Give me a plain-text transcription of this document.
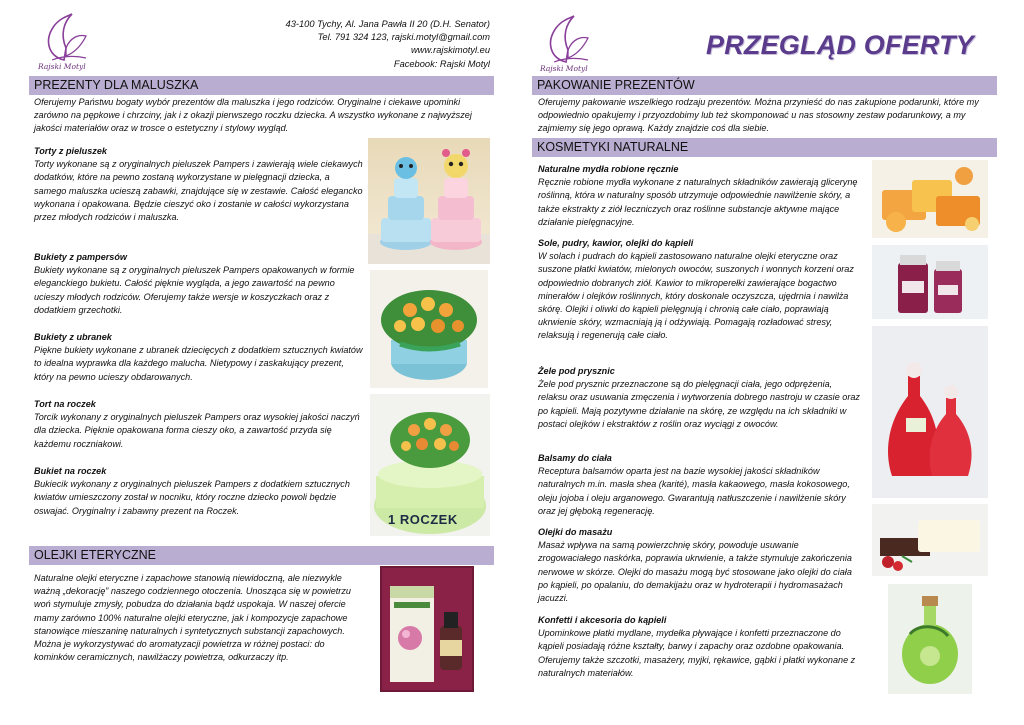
Rajski Motyl
43-100 Tychy, Al. Jana Pawła II 20 (D.H. Senator)
Tel. 791 324 123, rajski.motyl@gmail.com
www.rajskimotyl.eu
Facebook: Rajski Motyl
PREZENTY DLA MALUSZKA
Oferujemy Państwu bogaty wybór prezentów dla maluszka i jego rodziców. Oryginalne i ciekawe upominki zarówno na pępkowe i chrzciny, jak i z okazji pierwszego roczku dziecka. A wszystko wykonane z najwyższej jakości materiałów oraz w trosce o estetyczny i stylowy wygląd.
Torty z pieluszek
Torty wykonane są z oryginalnych pieluszek Pampers i zawierają wiele ciekawych dodatków, które na pewno zostaną wykorzystane w pielęgnacji dziecka, a samego maluszka ucieszą zabawki, znajdujące się w zestawie. Całość elegancko wykonana i opakowana. Będzie cieszyć oko i zostanie w całości wykorzystana przez młodych rodziców i maluszka.
Bukiety z pampersów
Bukiety wykonane są z oryginalnych pieluszek Pampers opakowanych w formie eleganckiego bukietu. Całość pięknie wygląda, a jego zawartość na pewno ucieszy młodych rodziców. Oferujemy także wersje w koszyczkach oraz z dodatkiem grzechotki.
Bukiety z ubranek
Piękne bukiety wykonane z ubranek dziecięcych z dodatkiem sztucznych kwiatów to idealna wyprawka dla każdego malucha. Nietypowy i zaskakujący prezent, który na pewno ucieszy obdarowanych.
Tort na roczek
Torcik wykonany z oryginalnych pieluszek Pampers oraz wysokiej jakości naczyń dla dziecka. Pięknie opakowana forma cieszy oko, a zawartość przyda się każdemu roczniakowi.
Bukiet na roczek
Bukiecik wykonany z oryginalnych pieluszek Pampers z dodatkiem sztucznych kwiatów umieszczony został w nocniku, który roczne dziecko powoli będzie oswajać. Oryginalny i zabawny prezent na Roczek.
1 ROCZEK
OLEJKI ETERYCZNE
Naturalne olejki eteryczne i zapachowe stanowią niewidoczną, ale niezwykle ważną „dekorację” naszego codziennego otoczenia. Unosząca się w powietrzu woń stymuluje zmysły, pobudza do działania bądź uspokaja. W naszej ofercie mamy zarówno 100% naturalne olejki eteryczne, jak i kompozycje zapachowe stanowiące mieszaninę naturalnych i syntetycznych substancji zapachowych. Można je wykorzystywać do aromatyzacji powietrza w różnej postaci: do kominków ceramicznych, nawilżaczy powietrza, odkurzaczy itp.
Rajski Motyl
PRZEGLĄD OFERTY
PAKOWANIE PREZENTÓW
Oferujemy pakowanie wszelkiego rodzaju prezentów. Można przynieść do nas zakupione podarunki, które my odpowiednio opakujemy i przyozdobimy lub też skomponować u nas stosowny zestaw podarunkowy, a my zajmiemy się jego oprawą. Każdy znajdzie coś dla siebie.
KOSMETYKI NATURALNE
Naturalne mydła robione ręcznie
Ręcznie robione mydła wykonane z naturalnych składników zawierają glicerynę roślinną, która w naturalny sposób utrzymuje odpowiednie nawilżenie skóry, a także ekstrakty z ziół leczniczych oraz roślinne substancje aktywne mające działanie pielęgnacyjne.
Sole, pudry, kawior, olejki do kąpieli
W solach i pudrach do kąpieli zastosowano naturalne olejki eteryczne oraz suszone płatki kwiatów, mielonych owoców, suszonych i wonnych korzeni oraz odpowiednio dobranych ziół. Kawior to mikroperełki zawierające bogactwo minerałów i olejków roślinnych, który doskonale oczyszcza, ujędrnia i nawilża skórę. Olejki i oliwki do kąpieli pielęgnują i chronią całe ciało, poprawiają ukrwienie skóry, wzmacniają ją i odżywiają. Pomagają rozładować stresy, relaksują i regenerują całe ciało.
Żele pod prysznic
Żele pod prysznic przeznaczone są do pielęgnacji ciała, jego odprężenia, relaksu oraz usuwania zmęczenia i wytworzenia dobrego nastroju w czasie oraz po kąpieli. Mają pozytywne działanie na skórę, ze względu na ich składniki w postaci olejków i ekstraktów z roślin oraz wyciągi z owoców.
Balsamy do ciała
Receptura balsamów oparta jest na bazie wysokiej jakości składników naturalnych m.in. masła shea (karité), masła kakaowego, masła kokosowego, oleju jojoba i oleju arganowego. Gwarantują natłuszczenie i nawilżenie skóry oraz jej głęboką regenerację.
Olejki do masażu
Masaż wpływa na samą powierzchnię skóry, powoduje usuwanie zrogowaciałego naskórka, poprawia ukrwienie, a także stymuluje zakończenia nerwowe w skórze. Olejki do masażu mogą być stosowane jako olejki do ciała po kąpieli, po opalaniu, do demakijażu oraz w hydroterapii i hydromasażach jacuzzi.
Konfetti i akcesoria do kąpieli
Upominkowe płatki mydlane, mydełka pływające i konfetti przeznaczone do kąpieli posiadają różne kształty, barwy i zapachy oraz ozdobne opakowania. Oferujemy także szczotki, masażery, myjki, rękawice, gąbki i płatki wykonane z naturalnych materiałów.
